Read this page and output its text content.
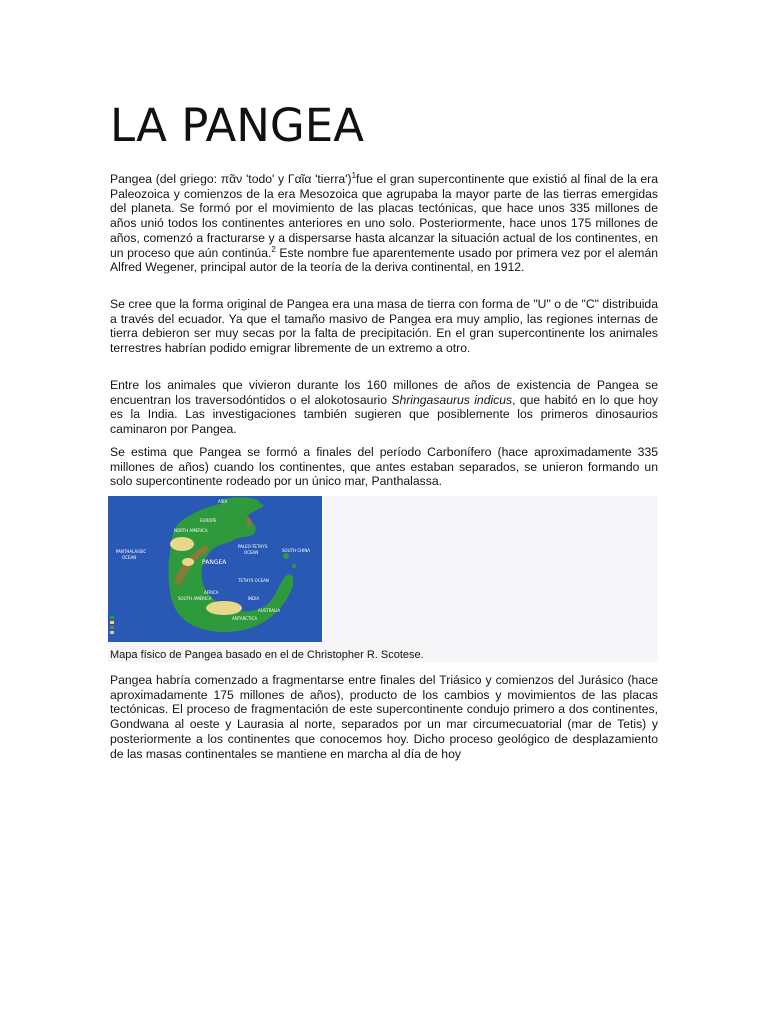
LA PANGEA

Pangea (del griego: πᾶν 'todo' y Γαῖα 'tierra')$^1$fue el gran supercontinente que existió al final de la era Paleozoica y comienzos de la era Mesozoica que agrupaba la mayor parte de las tierras emergidas del planeta. Se formó por el movimiento de las placas tectónicas, que hace unos 335 millones de años unió todos los continentes anteriores en uno solo. Posteriormente, hace unos 175 millones de años, comenzó a fracturarse y a dispersarse hasta alcanzar la situación actual de los continentes, en un proceso que aún continúa.$^2$ Este nombre fue aparentemente usado por primera vez por el alemán Alfred Wegener, principal autor de la teoría de la deriva continental, en 1912.

Se cree que la forma original de Pangea era una masa de tierra con forma de "U" o de "C" distribuida a través del ecuador. Ya que el tamaño masivo de Pangea era muy amplio, las regiones internas de tierra debieron ser muy secas por la falta de precipitación. En el gran supercontinente los animales terrestres habrían podido emigrar libremente de un extremo a otro.

Entre los animales que vivieron durante los 160 millones de años de existencia de Pangea se encuentran los traversodóntidos o el alokotosaurio Shringasaurus indicus, que habitó en lo que hoy es la India. Las investigaciones también sugieren que posiblemente los primeros dinosaurios caminaron por Pangea.

Se estima que Pangea se formó a finales del período Carbonífero (hace aproximadamente 335 millones de años) cuando los continentes, que antes estaban separados, se unieron formando un solo supercontinente rodeado por un único mar, Panthalassa.

ASIA
NORTH AMERICA
EUROPE
PANTHALASSIC
OCEAN
PALEO-TETHYS
OCEAN
PANGEA
TETHYS OCEAN
SOUTH CHINA
SOUTH AMERICA
AFRICA
INDIA
ANTARCTICA
AUSTRALIA
Mapa físico de Pangea basado en el de Christopher R. Scotese.

Pangea habría comenzado a fragmentarse entre finales del Triásico y comienzos del Jurásico (hace aproximadamente 175 millones de años), producto de los cambios y movimientos de las placas tectónicas. El proceso de fragmentación de este supercontinente condujo primero a dos continentes, Gondwana al oeste y Laurasia al norte, separados por un mar circumecuatorial (mar de Tetis) y posteriormente a los continentes que conocemos hoy. Dicho proceso geológico de desplazamiento de las masas continentales se mantiene en marcha al día de hoy
